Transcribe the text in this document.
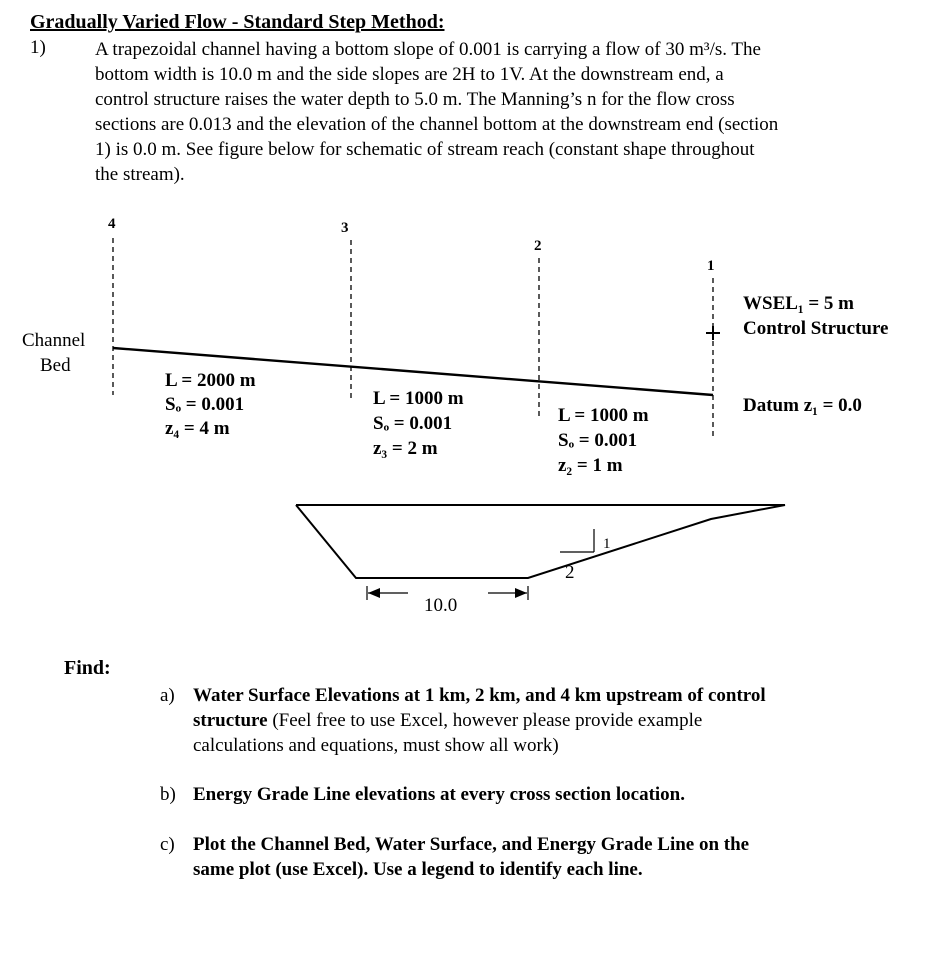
Gradually Varied Flow - Standard Step Method:
1)	A trapezoidal channel having a bottom slope of 0.001 is carrying a flow of 30 m³/s. The
bottom width is 10.0 m and the side slopes are 2H to 1V. At the downstream end, a
control structure raises the water depth to 5.0 m. The Manning’s n for the flow cross
sections are 0.013 and the elevation of the channel bottom at the downstream end (section
1) is 0.0 m. See figure below for schematic of stream reach (constant shape throughout
the stream).
4	3
2
1
Channel
Bed
L = 2000 m
Sₒ = 0.001
z₄ = 4 m
L = 1000 m
Sₒ = 0.001
z₃ = 2 m
L = 1000 m
Sₒ = 0.001
z₂ = 1 m
WSEL₁ = 5 m
Control Structure
Datum z₁ = 0.0
1
2
10.0
Find:
a) Water Surface Elevations at 1 km, 2 km, and 4 km upstream of control
structure (Feel free to use Excel, however please provide example
calculations and equations, must show all work)
b) Energy Grade Line elevations at every cross section location.
c) Plot the Channel Bed, Water Surface, and Energy Grade Line on the
same plot (use Excel). Use a legend to identify each line.
